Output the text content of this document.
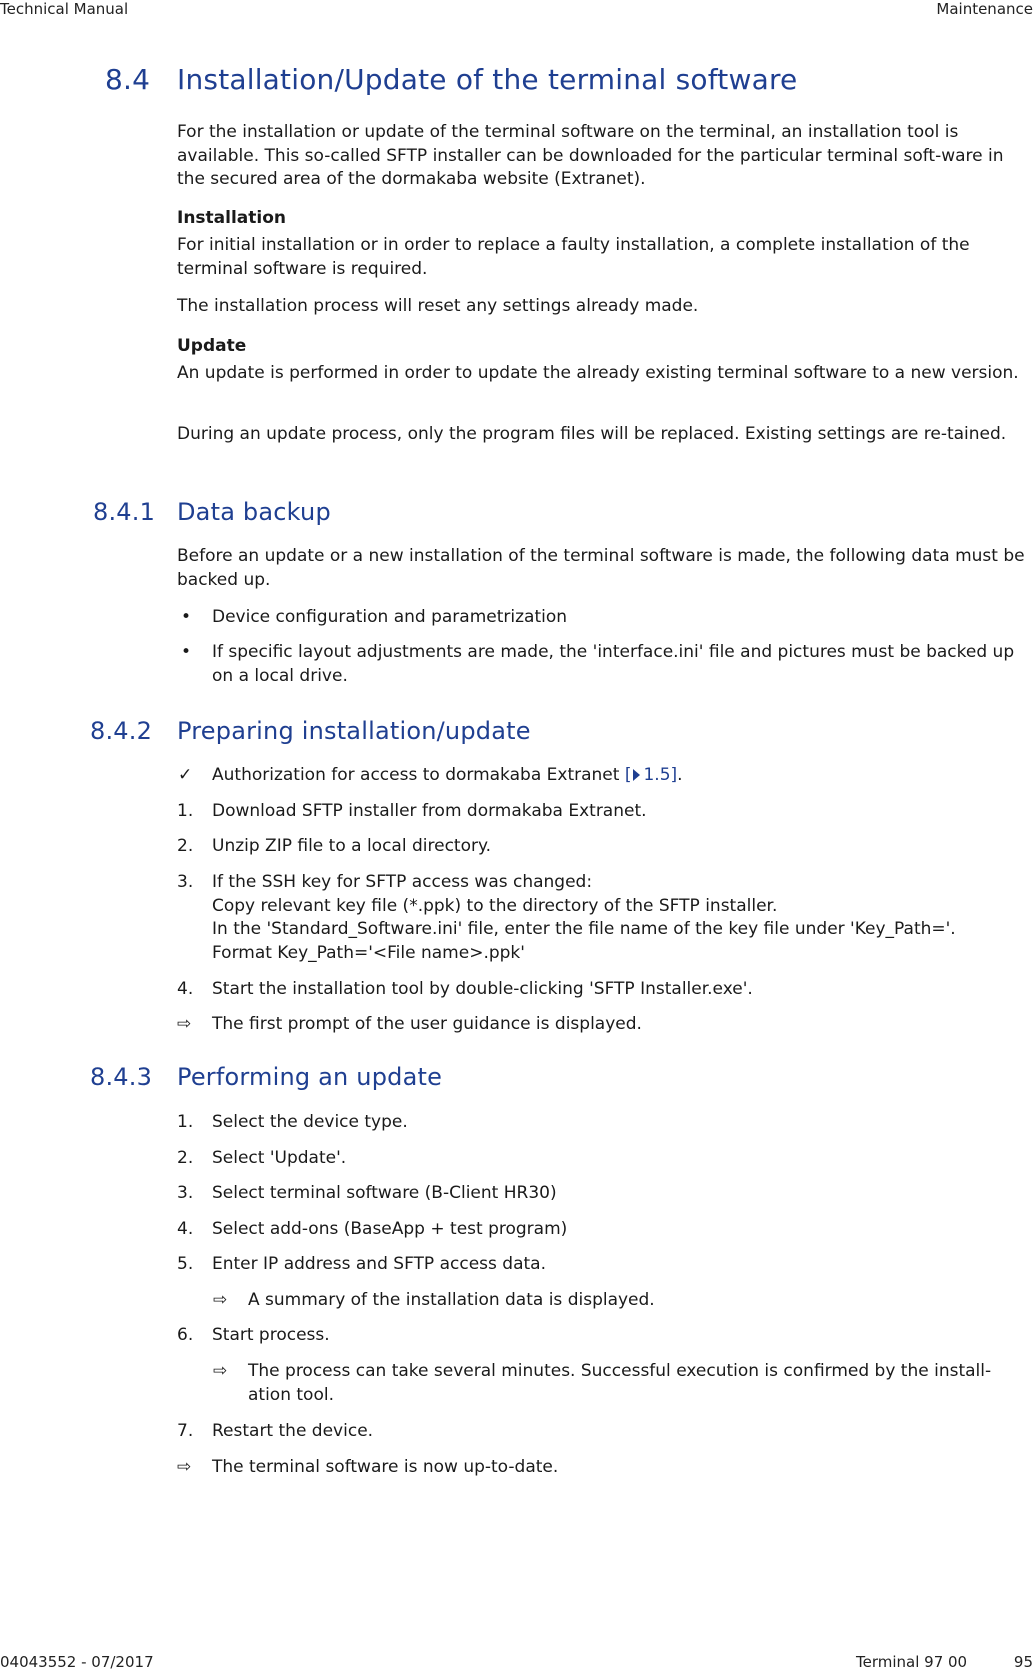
Technical Manual	Maintenance
8.4 Installation/Update of the terminal software
For the installation or update of the terminal software on the terminal, an installation tool is available. This so-called SFTP installer can be downloaded for the particular terminal soft-ware in the secured area of the dormakaba website (Extranet).
Installation
For initial installation or in order to replace a faulty installation, a complete installation of the terminal software is required.
The installation process will reset any settings already made.
Update
An update is performed in order to update the already existing terminal software to a new version.
During an update process, only the program files will be replaced. Existing settings are re-tained.
8.4.1 Data backup
Before an update or a new installation of the terminal software is made, the following data must be backed up.
• Device configuration and parametrization
• If specific layout adjustments are made, the 'interface.ini' file and pictures must be backed up on a local drive.
8.4.2 Preparing installation/update
✓ Authorization for access to dormakaba Extranet [ 1.5].
1. Download SFTP installer from dormakaba Extranet.
2. Unzip ZIP file to a local directory.
3. If the SSH key for SFTP access was changed:
Copy relevant key file (*.ppk) to the directory of the SFTP installer.
In the 'Standard_Software.ini' file, enter the file name of the key file under 'Key_Path='.
Format Key_Path='<File name>.ppk'
4. Start the installation tool by double-clicking 'SFTP Installer.exe'.
⇨ The first prompt of the user guidance is displayed.
8.4.3 Performing an update
1. Select the device type.
2. Select 'Update'.
3. Select terminal software (B-Client HR30)
4. Select add-ons (BaseApp + test program)
5. Enter IP address and SFTP access data.
⇨ A summary of the installation data is displayed.
6. Start process.
⇨ The process can take several minutes. Successful execution is confirmed by the install-ation tool.
7. Restart the device.
⇨ The terminal software is now up-to-date.
04043552 - 07/2017	Terminal 97 00	95
